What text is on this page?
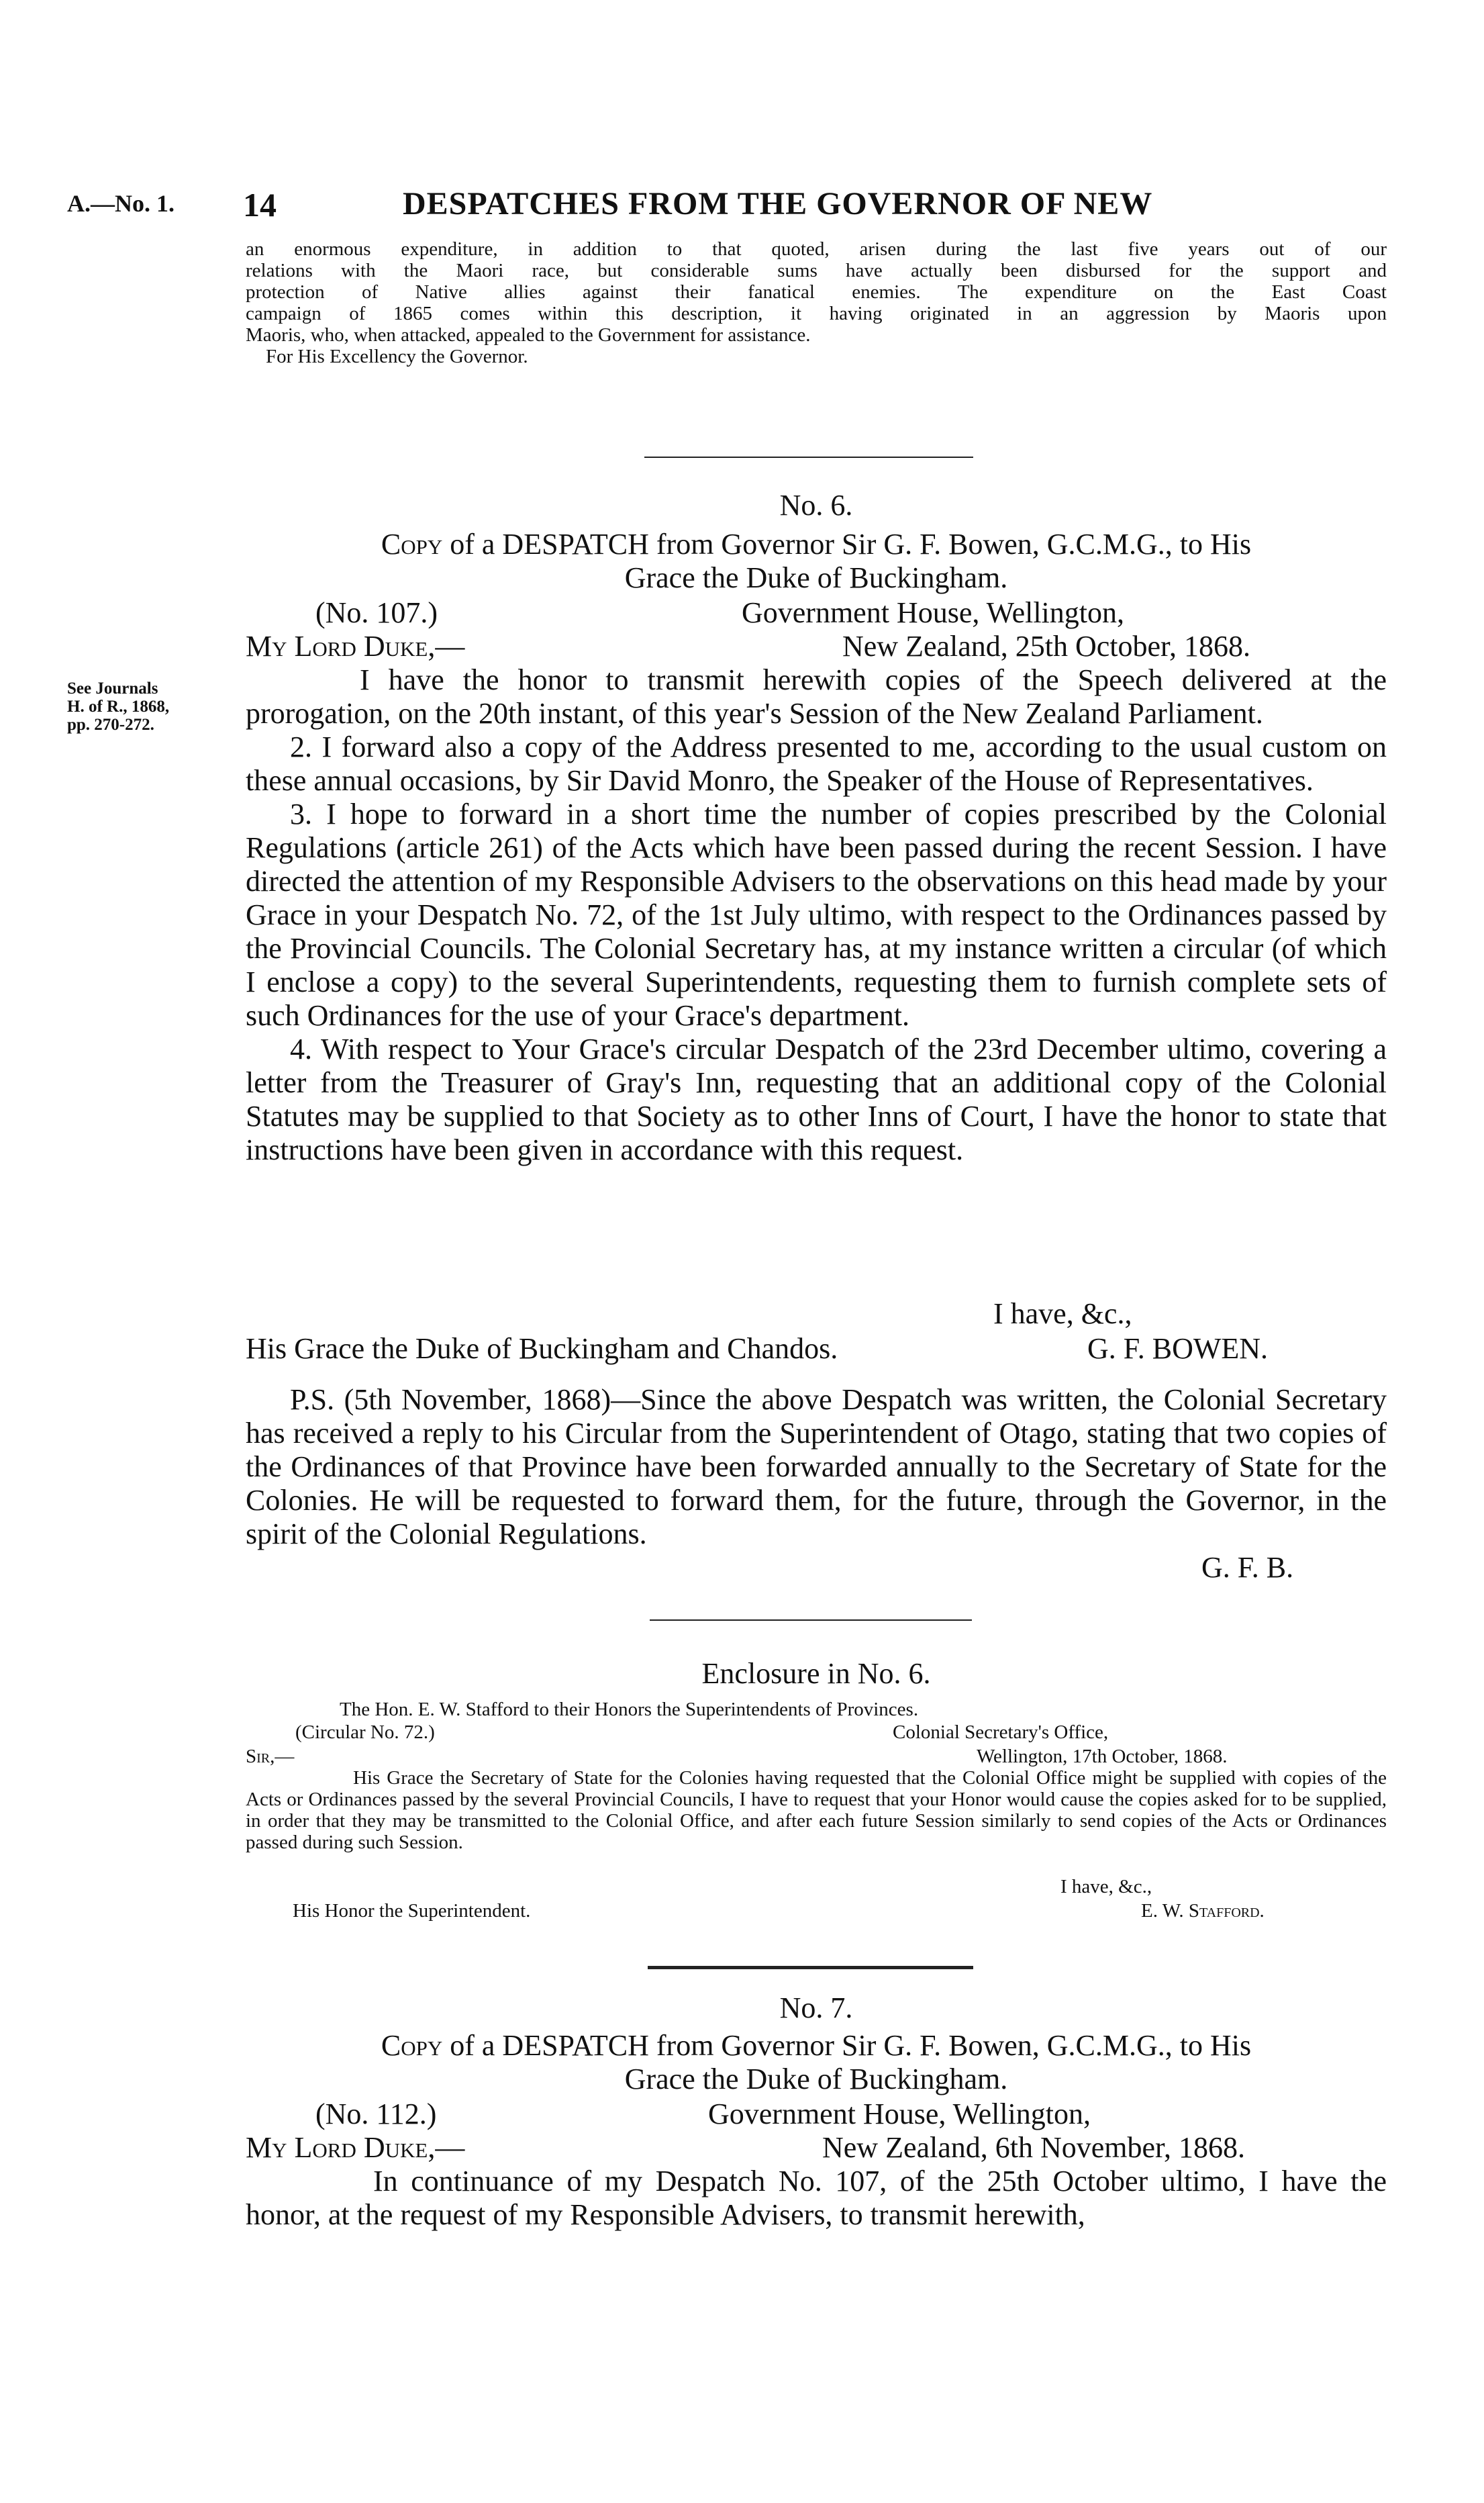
A.—No. 1. 14	DESPATCHES FROM THE GOVERNOR OF NEW
an enormous expenditure, in addition to that quoted, arisen during the last five years out of our
relations with the Maori race, but considerable sums have actually been disbursed for the support and
protection of Native allies against their fanatical enemies. The expenditure on the East Coast
campaign of 1865 comes within this description, it having originated in an aggression by Maoris upon
Maoris, who, when attacked, appealed to the Government for assistance.
For His Excellency the Governor.
No. 6.
Copy of a DESPATCH from Governor Sir G. F. Bowen, G.C.M.G., to His
Grace the Duke of Buckingham.
(No. 107.)	Government House, Wellington,
My Lord Duke,—	New Zealand, 25th October, 1868.
See Journals
H. of R., 1868,
pp. 270-272.

I have the honor to transmit herewith copies of the Speech delivered at the prorogation, on the 20th instant, of this year's Session of the New Zealand Parliament.

2. I forward also a copy of the Address presented to me, according to the usual custom on these annual occasions, by Sir David Monro, the Speaker of the House of Representatives.

3. I hope to forward in a short time the number of copies prescribed by the Colonial Regulations (article 261) of the Acts which have been passed during the recent Session. I have directed the attention of my Responsible Advisers to the observations on this head made by your Grace in your Despatch No. 72, of the 1st July ultimo, with respect to the Ordinances passed by the Provincial Councils. The Colonial Secretary has, at my instance written a circular (of which I enclose a copy) to the several Superintendents, requesting them to furnish complete sets of such Ordinances for the use of your Grace's department.

4. With respect to Your Grace's circular Despatch of the 23rd December ultimo, covering a letter from the Treasurer of Gray's Inn, requesting that an additional copy of the Colonial Statutes may be supplied to that Society as to other Inns of Court, I have the honor to state that instructions have been given in accordance with this request.

I have, &c.,
His Grace the Duke of Buckingham and Chandos.	G. F. BOWEN.

P.S. (5th November, 1868)—Since the above Despatch was written, the Colonial Secretary has received a reply to his Circular from the Superintendent of Otago, stating that two copies of the Ordinances of that Province have been forwarded annually to the Secretary of State for the Colonies. He will be requested to forward them, for the future, through the Governor, in the spirit of the Colonial Regulations.

G. F. B.
Enclosure in No. 6.
The Hon. E. W. Stafford to their Honors the Superintendents of Provinces.
(Circular No. 72.)	Colonial Secretary's Office,
Sir,—	Wellington, 17th October, 1868.

His Grace the Secretary of State for the Colonies having requested that the Colonial Office might be supplied with copies of the Acts or Ordinances passed by the several Provincial Councils, I have to request that your Honor would cause the copies asked for to be supplied, in order that they may be transmitted to the Colonial Office, and after each future Session similarly to send copies of the Acts or Ordinances passed during such Session.

I have, &c.,
His Honor the Superintendent.	E. W. Stafford.
No. 7.
Copy of a DESPATCH from Governor Sir G. F. Bowen, G.C.M.G., to His
Grace the Duke of Buckingham.
(No. 112.)	Government House, Wellington,
My Lord Duke,—	New Zealand, 6th November, 1868.

In continuance of my Despatch No. 107, of the 25th October ultimo, I have the honor, at the request of my Responsible Advisers, to transmit herewith,
